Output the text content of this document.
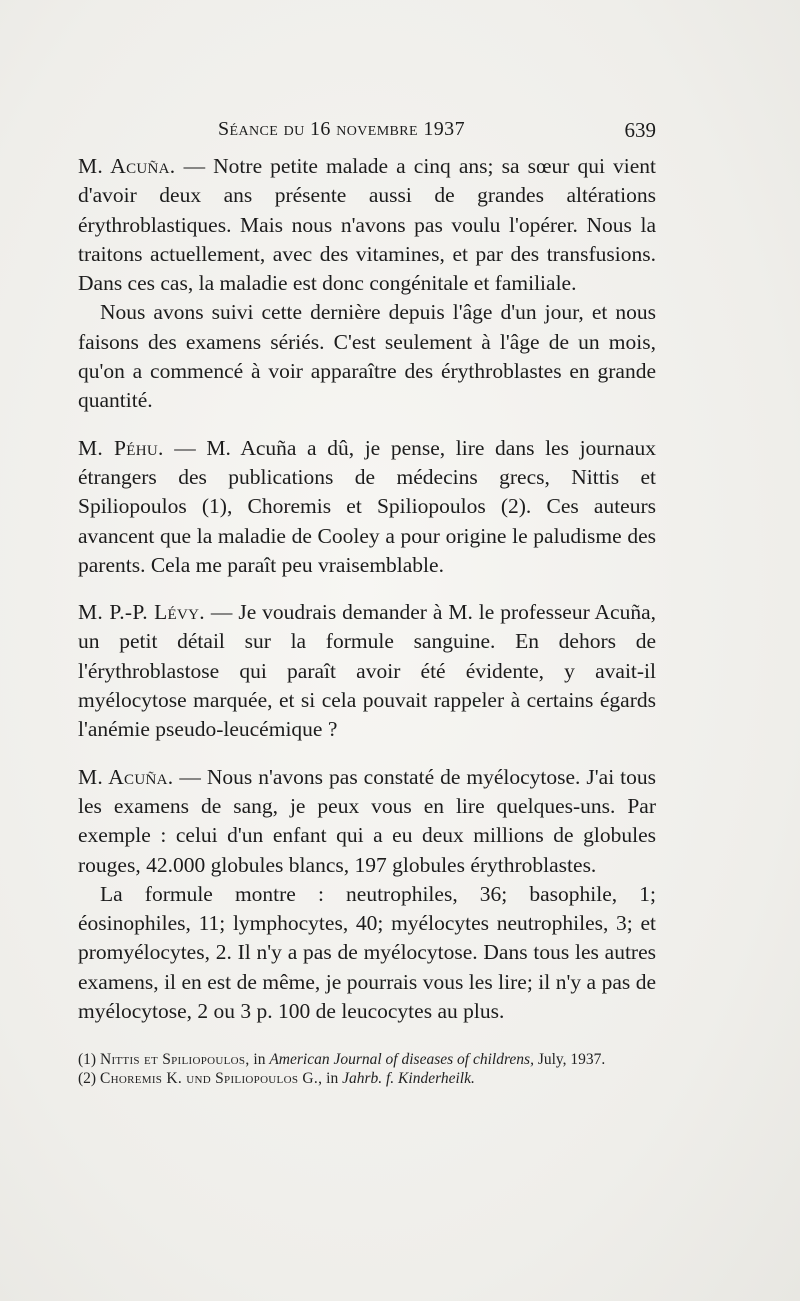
Séance du 16 novembre 1937	639

M. Acuña. — Notre petite malade a cinq ans; sa sœur qui vient d'avoir deux ans présente aussi de grandes altérations érythroblastiques. Mais nous n'avons pas voulu l'opérer. Nous la traitons actuellement, avec des vitamines, et par des transfusions. Dans ces cas, la maladie est donc congénitale et familiale.

Nous avons suivi cette dernière depuis l'âge d'un jour, et nous faisons des examens sériés. C'est seulement à l'âge de un mois, qu'on a commencé à voir apparaître des érythroblastes en grande quantité.

M. Péhu. — M. Acuña a dû, je pense, lire dans les journaux étrangers des publications de médecins grecs, Nittis et Spiliopoulos (1), Choremis et Spiliopoulos (2). Ces auteurs avancent que la maladie de Cooley a pour origine le paludisme des parents. Cela me paraît peu vraisemblable.

M. P.-P. Lévy. — Je voudrais demander à M. le professeur Acuña, un petit détail sur la formule sanguine. En dehors de l'érythroblastose qui paraît avoir été évidente, y avait-il myélocytose marquée, et si cela pouvait rappeler à certains égards l'anémie pseudo-leucémique ?

M. Acuña. — Nous n'avons pas constaté de myélocytose. J'ai tous les examens de sang, je peux vous en lire quelques-uns. Par exemple : celui d'un enfant qui a eu deux millions de globules rouges, 42.000 globules blancs, 197 globules érythroblastes.

La formule montre : neutrophiles, 36; basophile, 1; éosinophiles, 11; lymphocytes, 40; myélocytes neutrophiles, 3; et promyélocytes, 2. Il n'y a pas de myélocytose. Dans tous les autres examens, il en est de même, je pourrais vous les lire; il n'y a pas de myélocytose, 2 ou 3 p. 100 de leucocytes au plus.

(1) Nittis et Spiliopoulos, in American Journal of diseases of childrens, July, 1937.

(2) Choremis K. und Spiliopoulos G., in Jahrb. f. Kinderheilk.
